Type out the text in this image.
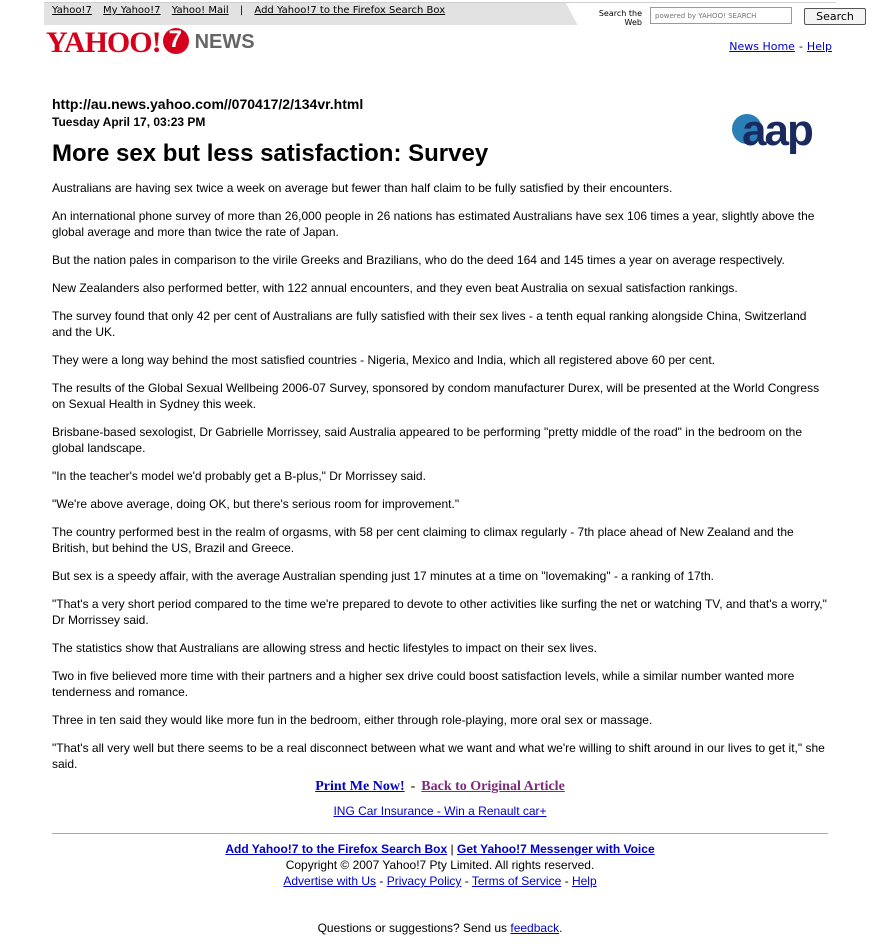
Yahoo!7 My Yahoo!7 Yahoo! Mail | Add Yahoo!7 to the Firefox Search Box	Search the Web
powered by YAHOO! SEARCH	Search
YAHOO!7 NEWS	News Home - Help
http://au.news.yahoo.com//070417/2/134vr.html
Tuesday April 17, 03:23 PM	aap
More sex but less satisfaction: Survey

Australians are having sex twice a week on average but fewer than half claim to be fully satisfied by their encounters.

An international phone survey of more than 26,000 people in 26 nations has estimated Australians have sex 106 times a year, slightly above the global average and more than twice the rate of Japan.

But the nation pales in comparison to the virile Greeks and Brazilians, who do the deed 164 and 145 times a year on average respectively.

New Zealanders also performed better, with 122 annual encounters, and they even beat Australia on sexual satisfaction rankings.

The survey found that only 42 per cent of Australians are fully satisfied with their sex lives - a tenth equal ranking alongside China, Switzerland and the UK.

They were a long way behind the most satisfied countries - Nigeria, Mexico and India, which all registered above 60 per cent.

The results of the Global Sexual Wellbeing 2006-07 Survey, sponsored by condom manufacturer Durex, will be presented at the World Congress on Sexual Health in Sydney this week.

Brisbane-based sexologist, Dr Gabrielle Morrissey, said Australia appeared to be performing "pretty middle of the road" in the bedroom on the global landscape.

"In the teacher's model we'd probably get a B-plus," Dr Morrissey said.

"We're above average, doing OK, but there's serious room for improvement."

The country performed best in the realm of orgasms, with 58 per cent claiming to climax regularly - 7th place ahead of New Zealand and the British, but behind the US, Brazil and Greece.

But sex is a speedy affair, with the average Australian spending just 17 minutes at a time on "lovemaking" - a ranking of 17th.

"That's a very short period compared to the time we're prepared to devote to other activities like surfing the net or watching TV, and that's a worry," Dr Morrissey said.

The statistics show that Australians are allowing stress and hectic lifestyles to impact on their sex lives.

Two in five believed more time with their partners and a higher sex drive could boost satisfaction levels, while a similar number wanted more tenderness and romance.

Three in ten said they would like more fun in the bedroom, either through role-playing, more oral sex or massage.

"That's all very well but there seems to be a real disconnect between what we want and what we're willing to shift around in our lives to get it," she said.

Print Me Now! - Back to Original Article
ING Car Insurance - Win a Renault car+
Add Yahoo!7 to the Firefox Search Box | Get Yahoo!7 Messenger with Voice
Copyright © 2007 Yahoo!7 Pty Limited. All rights reserved.
Advertise with Us - Privacy Policy - Terms of Service - Help
Questions or suggestions? Send us feedback.
